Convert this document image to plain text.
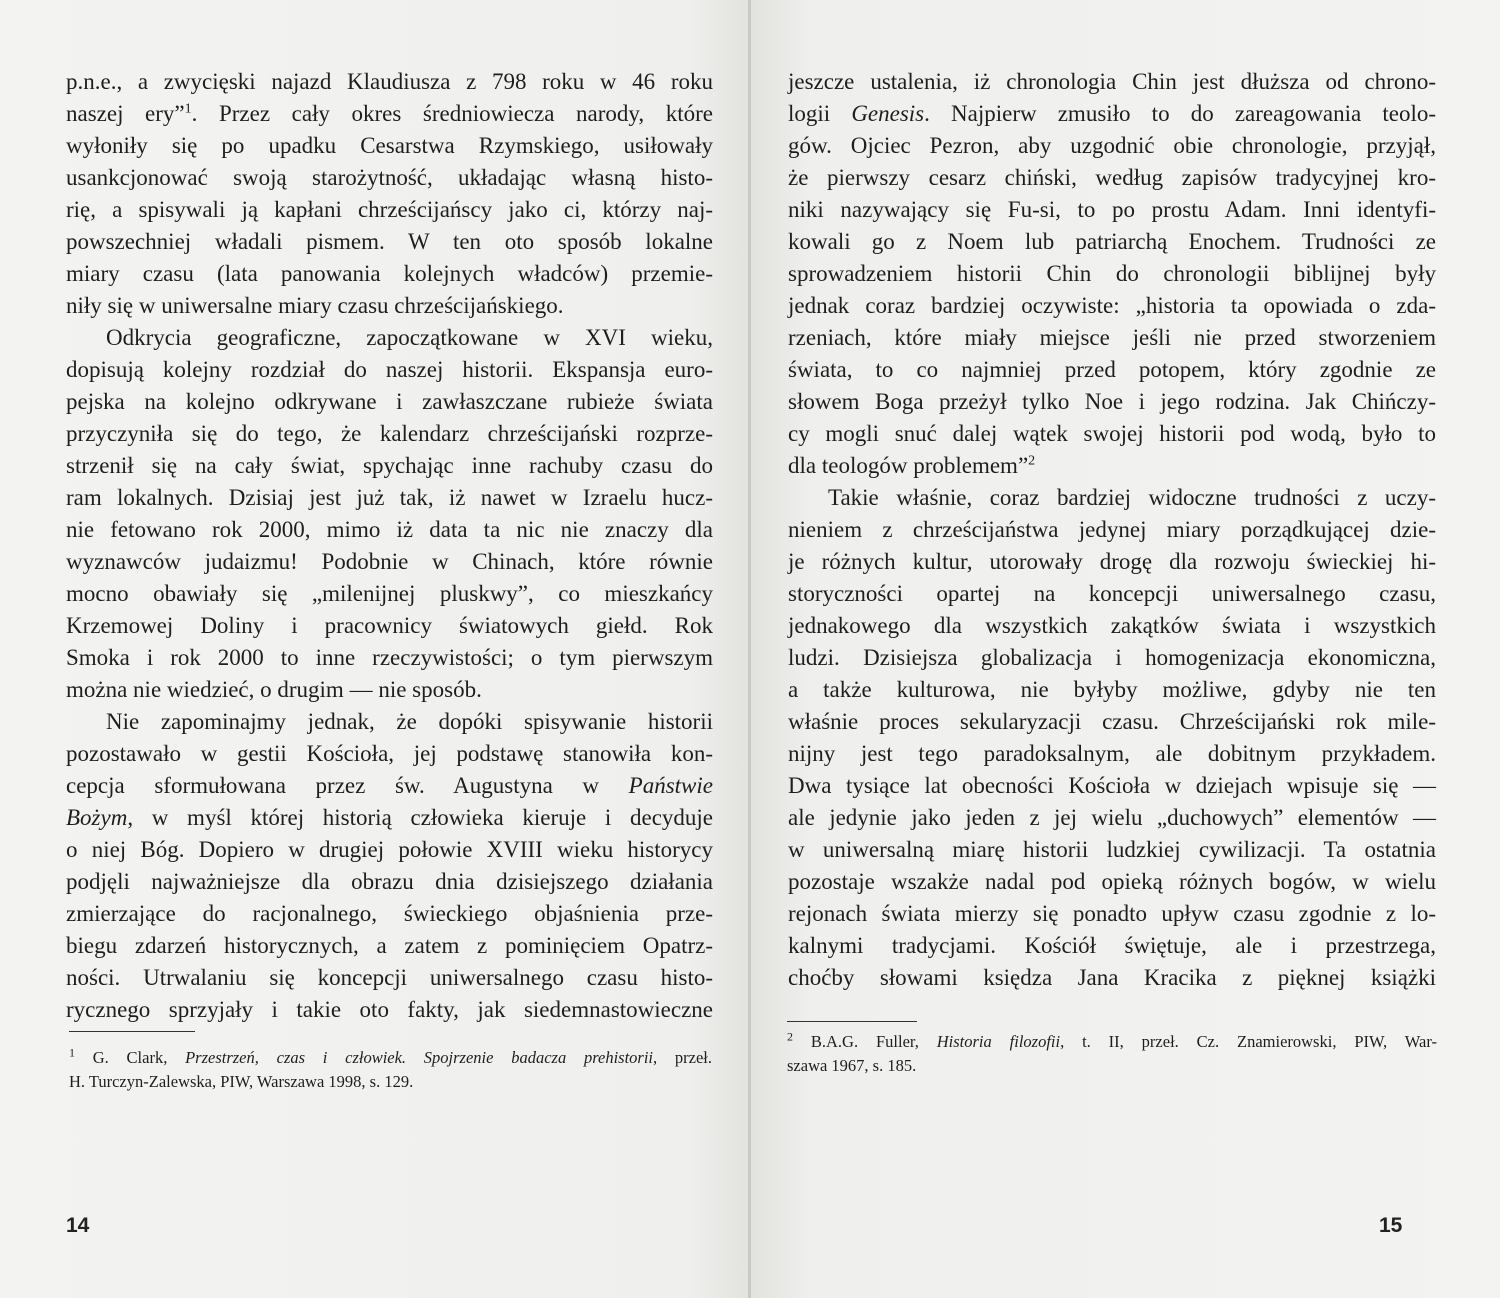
p.n.e., a zwycięski najazd Klaudiusza z 798 roku w 46 roku
naszej ery”$^1$. Przez cały okres średniowiecza narody, które
wyłoniły się po upadku Cesarstwa Rzymskiego, usiłowały
usankcjonować swoją starożytność, układając własną histo-
rię, a spisywali ją kapłani chrześcijańscy jako ci, którzy naj-
powszechniej władali pismem. W ten oto sposób lokalne
miary czasu (lata panowania kolejnych władców) przemie-
niły się w uniwersalne miary czasu chrześcijańskiego.
Odkrycia geograficzne, zapoczątkowane w XVI wieku,
dopisują kolejny rozdział do naszej historii. Ekspansja euro-
pejska na kolejno odkrywane i zawłaszczane rubieże świata
przyczyniła się do tego, że kalendarz chrześcijański rozprze-
strzenił się na cały świat, spychając inne rachuby czasu do
ram lokalnych. Dzisiaj jest już tak, iż nawet w Izraelu hucz-
nie fetowano rok 2000, mimo iż data ta nic nie znaczy dla
wyznawców judaizmu! Podobnie w Chinach, które równie
mocno obawiały się „milenijnej pluskwy”, co mieszkańcy
Krzemowej Doliny i pracownicy światowych giełd. Rok
Smoka i rok 2000 to inne rzeczywistości; o tym pierwszym
można nie wiedzieć, o drugim — nie sposób.
Nie zapominajmy jednak, że dopóki spisywanie historii
pozostawało w gestii Kościoła, jej podstawę stanowiła kon-
cepcja sformułowana przez św. Augustyna w Państwie
Bożym, w myśl której historią człowieka kieruje i decyduje
o niej Bóg. Dopiero w drugiej połowie XVIII wieku historycy
podjęli najważniejsze dla obrazu dnia dzisiejszego działania
zmierzające do racjonalnego, świeckiego objaśnienia prze-
biegu zdarzeń historycznych, a zatem z pominięciem Opatrz-
ności. Utrwalaniu się koncepcji uniwersalnego czasu histo-
rycznego sprzyjały i takie oto fakty, jak siedemnastowieczne
$^1$ G. Clark, Przestrzeń, czas i człowiek. Spojrzenie badacza prehistorii, przeł.
H. Turczyn-Zalewska, PIW, Warszawa 1998, s. 129.
14
jeszcze ustalenia, iż chronologia Chin jest dłuższa od chrono-
logii Genesis. Najpierw zmusiło to do zareagowania teolo-
gów. Ojciec Pezron, aby uzgodnić obie chronologie, przyjął,
że pierwszy cesarz chiński, według zapisów tradycyjnej kro-
niki nazywający się Fu-si, to po prostu Adam. Inni identyfi-
kowali go z Noem lub patriarchą Enochem. Trudności ze
sprowadzeniem historii Chin do chronologii biblijnej były
jednak coraz bardziej oczywiste: „historia ta opowiada o zda-
rzeniach, które miały miejsce jeśli nie przed stworzeniem
świata, to co najmniej przed potopem, który zgodnie ze
słowem Boga przeżył tylko Noe i jego rodzina. Jak Chińczy-
cy mogli snuć dalej wątek swojej historii pod wodą, było to
dla teologów problemem”$^2$
Takie właśnie, coraz bardziej widoczne trudności z uczy-
nieniem z chrześcijaństwa jedynej miary porządkującej dzie-
je różnych kultur, utorowały drogę dla rozwoju świeckiej hi-
storyczności opartej na koncepcji uniwersalnego czasu,
jednakowego dla wszystkich zakątków świata i wszystkich
ludzi. Dzisiejsza globalizacja i homogenizacja ekonomiczna,
a także kulturowa, nie byłyby możliwe, gdyby nie ten
właśnie proces sekularyzacji czasu. Chrześcijański rok mile-
nijny jest tego paradoksalnym, ale dobitnym przykładem.
Dwa tysiące lat obecności Kościoła w dziejach wpisuje się —
ale jedynie jako jeden z jej wielu „duchowych” elementów —
w uniwersalną miarę historii ludzkiej cywilizacji. Ta ostatnia
pozostaje wszakże nadal pod opieką różnych bogów, w wielu
rejonach świata mierzy się ponadto upływ czasu zgodnie z lo-
kalnymi tradycjami. Kościół świętuje, ale i przestrzega,
choćby słowami księdza Jana Kracika z pięknej książki
$^2$ B.A.G. Fuller, Historia filozofii, t. II, przeł. Cz. Znamierowski, PIW, War-
szawa 1967, s. 185.
15
